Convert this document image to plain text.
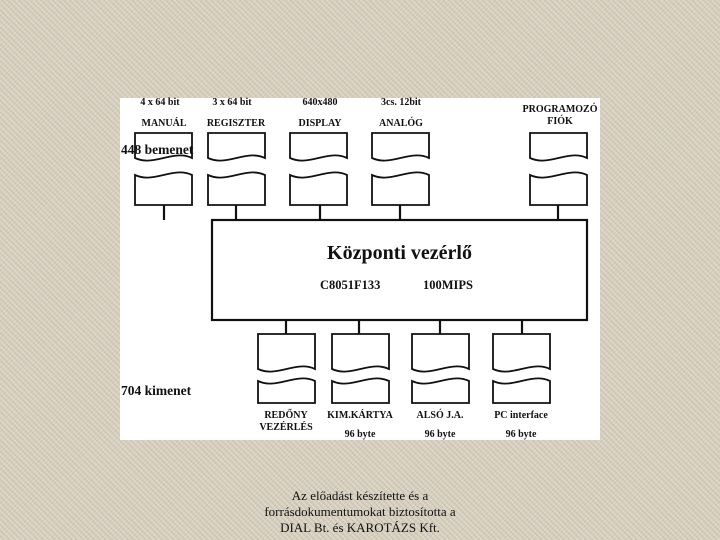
448 bemenet
704 kimenet
4 x 64 bit
MANUÁL
3 x 64 bit
REGISZTER
640x480
DISPLAY
3cs. 12bit
ANALÓG
PROGRAMOZÓ
FIÓK
Központi vezérlő
C8051F133	100MIPS
REDŐNY
VEZÉRLÉS
KIM.KÁRTYA
96 byte
ALSÓ J.A.
96 byte
PC interface
96 byte
Az előadást készítette és a
forrásdokumentumokat biztosította a
DIAL Bt. és KAROTÁZS Kft.
